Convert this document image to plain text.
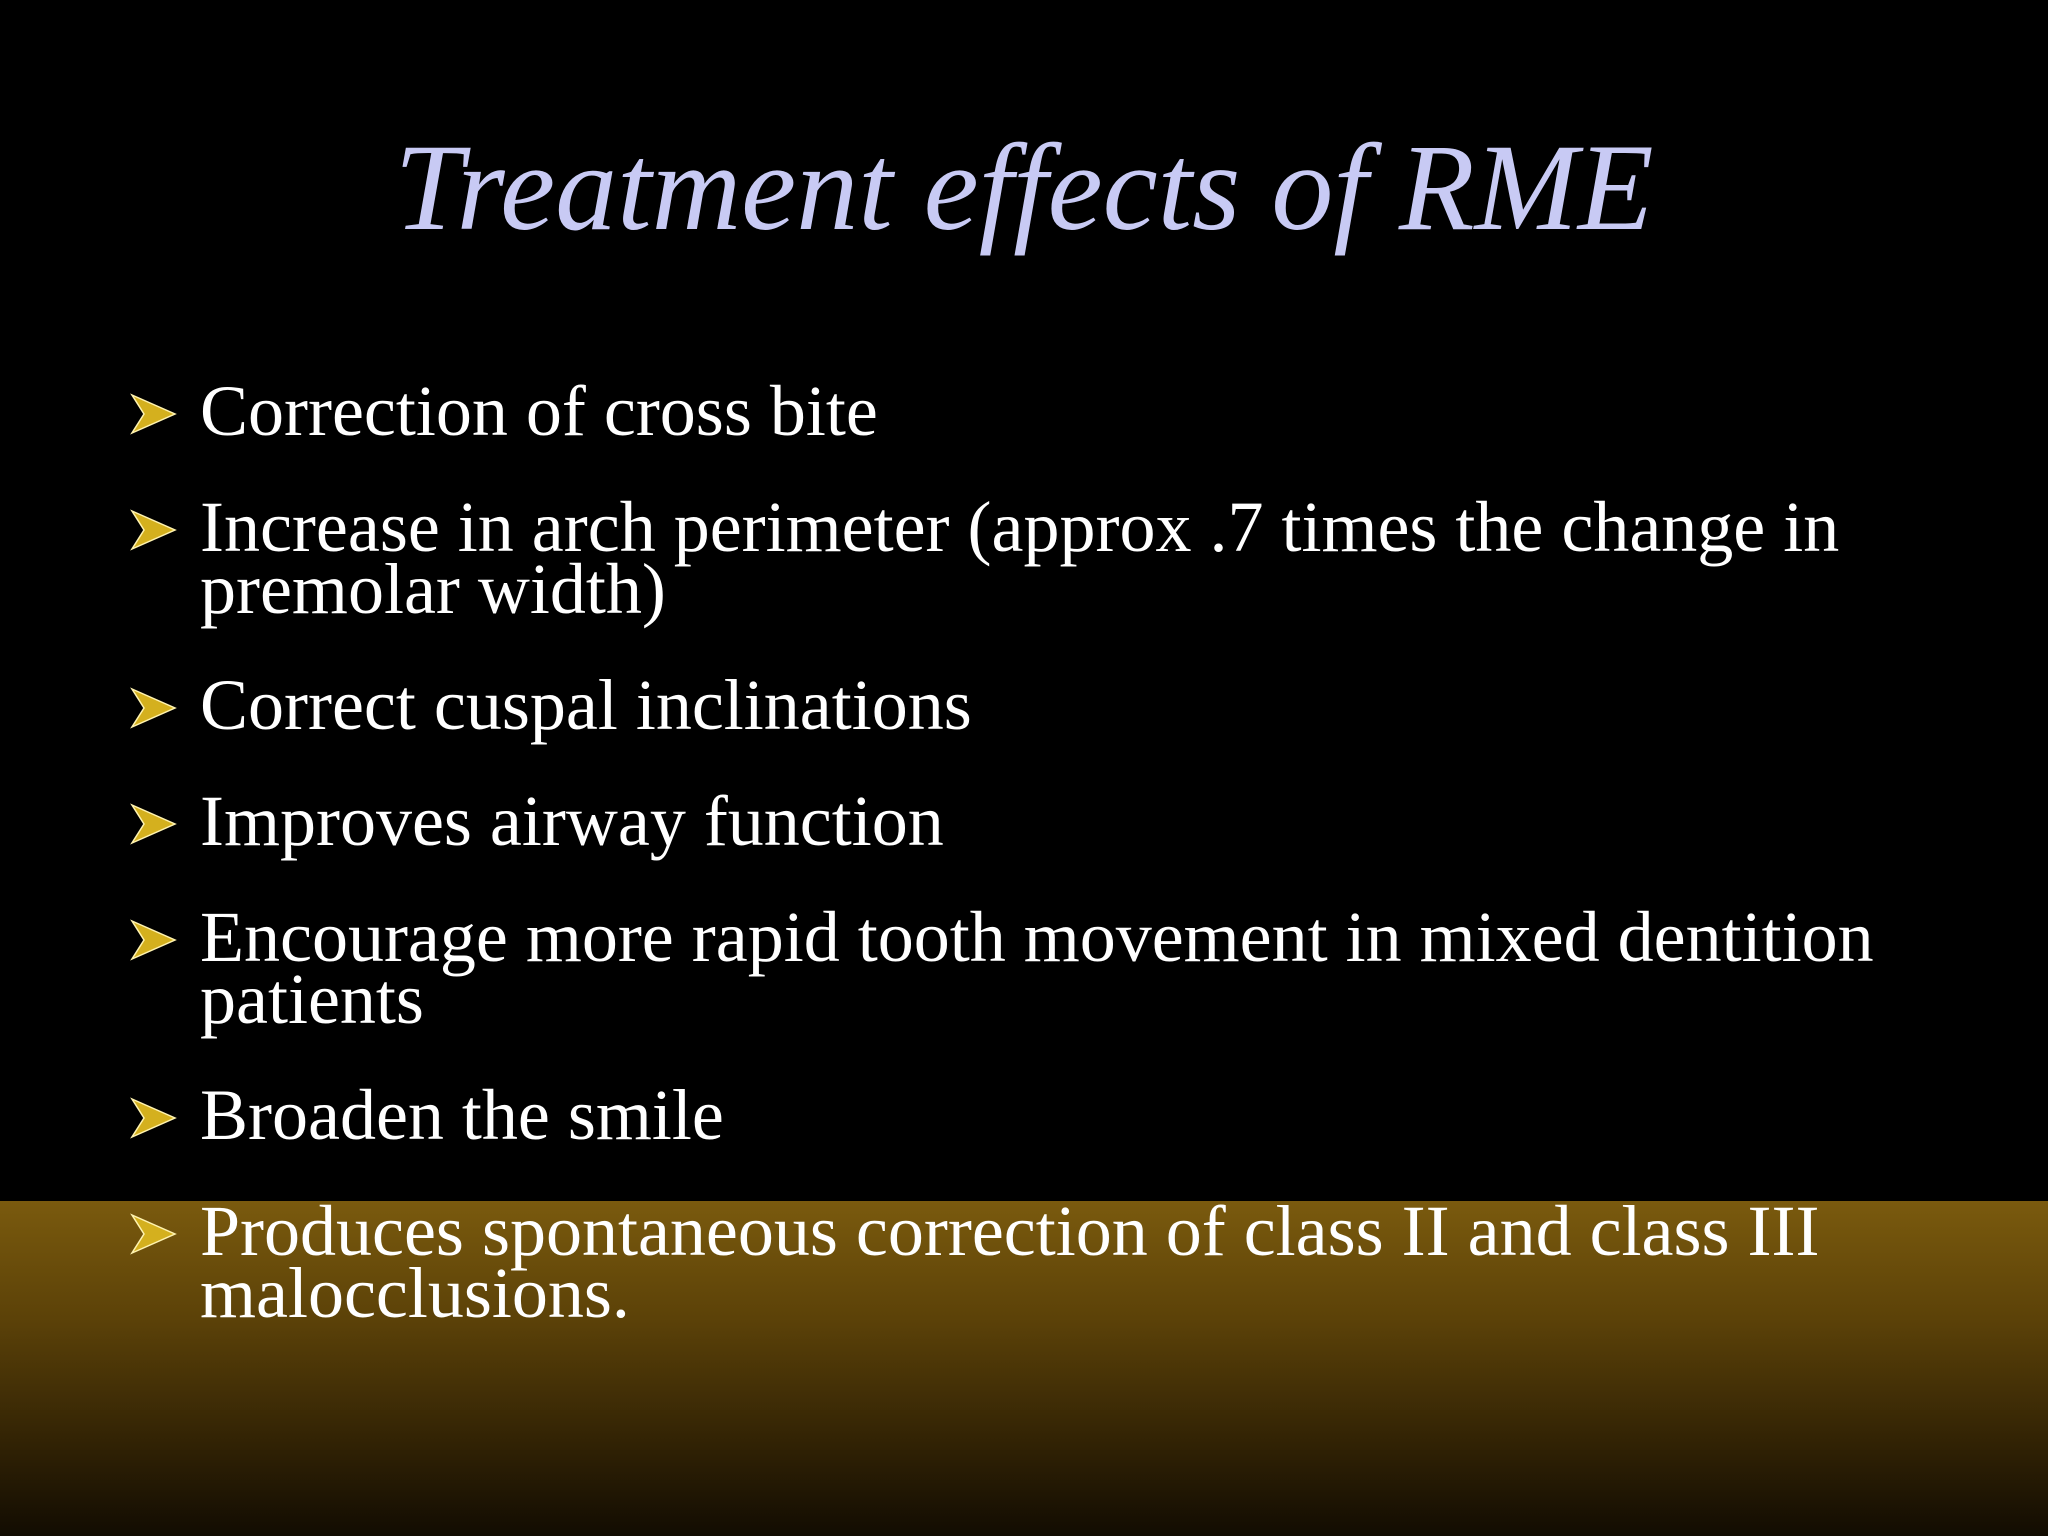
Treatment effects of RME
Correction of cross bite
Increase in arch perimeter (approx .7 times the change in premolar width)
Correct cuspal inclinations
Improves airway function
Encourage more rapid tooth movement in mixed dentition patients
Broaden the smile
Produces spontaneous correction of class II and class III malocclusions.
